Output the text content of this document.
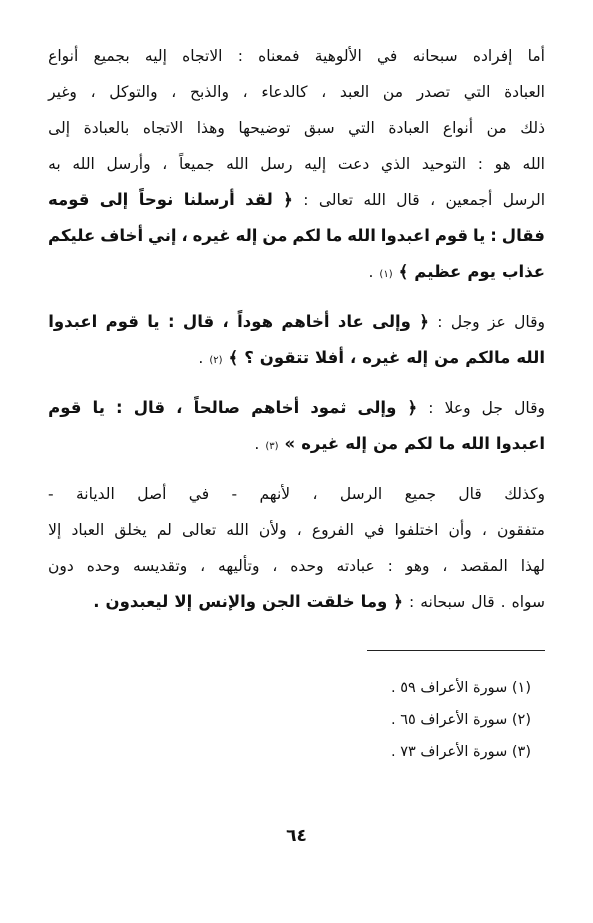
أما
إفراده
سبحانه
في
الألوهية
فمعناه
:
الاتجاه
إليه
بجميع
أنواع
العبادة
التي
تصدر
من
العبد
،
كالدعاء
،
والذبح
،
والتوكل
،
وغير
ذلك
من
أنواع
العبادة
التي
سبق
توضيحها
وهذا
الاتجاه
بالعبادة
إلى
الله
هو
:
التوحيد
الذي
دعت
إليه
رسل
الله
جميعاً
،
وأرسل
الله
به
الرسل
أجمعين
،
قال
الله
تعالى
:
﴿
لقد
أرسلنا
نوحاً
إلى
قومه
فقال
:
يا
قوم
اعبدوا
الله
ما
لكم
من
إله
غيره
،
إني
أخاف
عليكم
عذاب
يوم
عظيم
﴾
(١)
.
وقال
عز
وجل
:
﴿
وإلى
عاد
أخاهم
هوداً
،
قال
:
يا
قوم
اعبدوا
الله
مالكم
من
إله
غيره
،
أفلا
تتقون
؟
﴾
(٢)
.
وقال
جل
وعلا
:
﴿
وإلى
ثمود
أخاهم
صالحاً
،
قال
:
يا
قوم
اعبدوا
الله
ما
لكم
من
إله
غيره
»
(٣)
.
وكذلك
قال
جميع
الرسل
،
لأنهم
-
في
أصل
الديانة
-
متفقون
،
وأن
اختلفوا
في
الفروع
،
ولأن
الله
تعالى
لم
يخلق
العباد
إلا
لهذا
المقصد
،
وهو
:
عبادته
وحده
،
وتأليهه
،
وتقديسه
وحده
دون
سواه
.
قال
سبحانه
:
﴿
وما
خلقت
الجن
والإنس
إلا
ليعبدون
.
(١) سورة الأعراف ٥٩ .
(٢) سورة الأعراف ٦٥ .
(٣) سورة الأعراف ٧٣ .
٦٤
